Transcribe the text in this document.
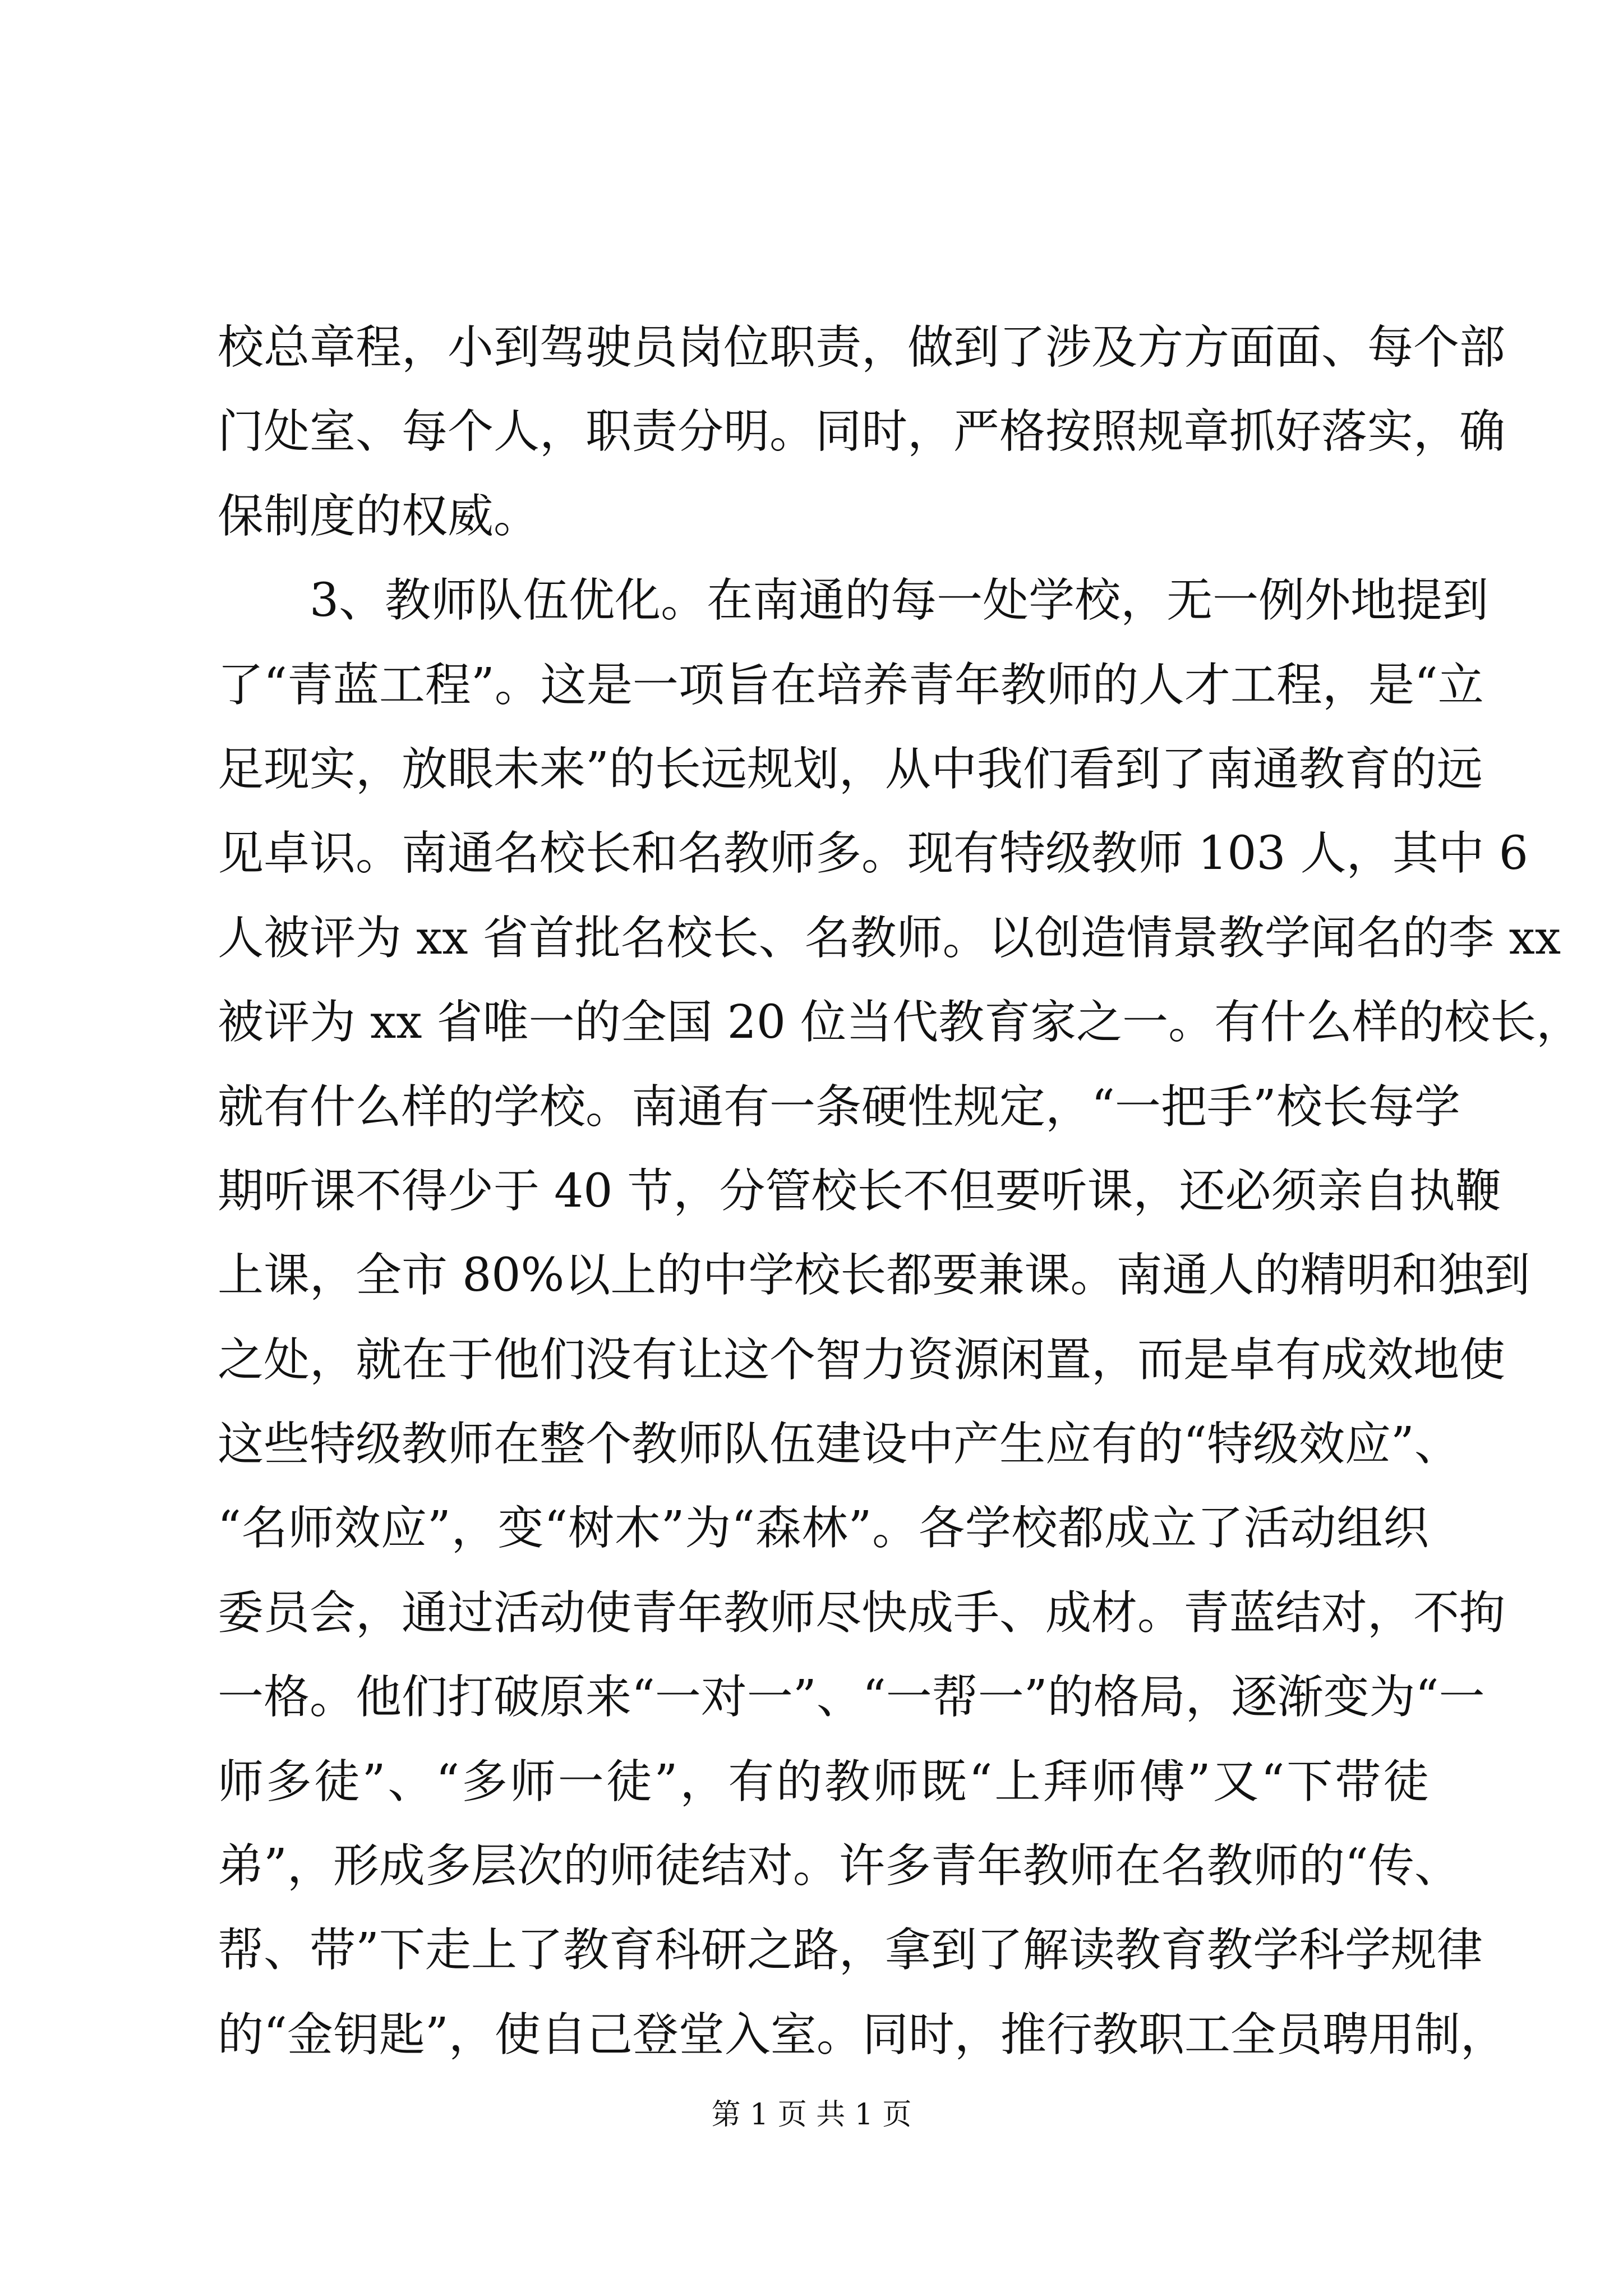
校总章程，小到驾驶员岗位职责，做到了涉及方方面面、每个部
门处室、每个人，职责分明。同时，严格按照规章抓好落实，确
保制度的权威。
　　3、教师队伍优化。在南通的每一处学校，无一例外地提到
了“青蓝工程”。这是一项旨在培养青年教师的人才工程，是“立
足现实，放眼未来”的长远规划，从中我们看到了南通教育的远
见卓识。南通名校长和名教师多。现有特级教师 103 人，其中 6
人被评为 xx 省首批名校长、名教师。以创造情景教学闻名的李 xx
被评为 xx 省唯一的全国 20 位当代教育家之一。有什么样的校长，
就有什么样的学校。南通有一条硬性规定，“一把手”校长每学
期听课不得少于 40 节，分管校长不但要听课，还必须亲自执鞭
上课，全市 80%以上的中学校长都要兼课。南通人的精明和独到
之处，就在于他们没有让这个智力资源闲置，而是卓有成效地使
这些特级教师在整个教师队伍建设中产生应有的“特级效应”、
“名师效应”，变“树木”为“森林”。各学校都成立了活动组织
委员会，通过活动使青年教师尽快成手、成材。青蓝结对，不拘
一格。他们打破原来“一对一”、“一帮一”的格局，逐渐变为“一
师多徒”、“多师一徒”，有的教师既“上拜师傅”又“下带徒
弟”，形成多层次的师徒结对。许多青年教师在名教师的“传、
帮、带”下走上了教育科研之路，拿到了解读教育教学科学规律
的“金钥匙”，使自己登堂入室。同时，推行教职工全员聘用制，
第 1 页 共 1 页
